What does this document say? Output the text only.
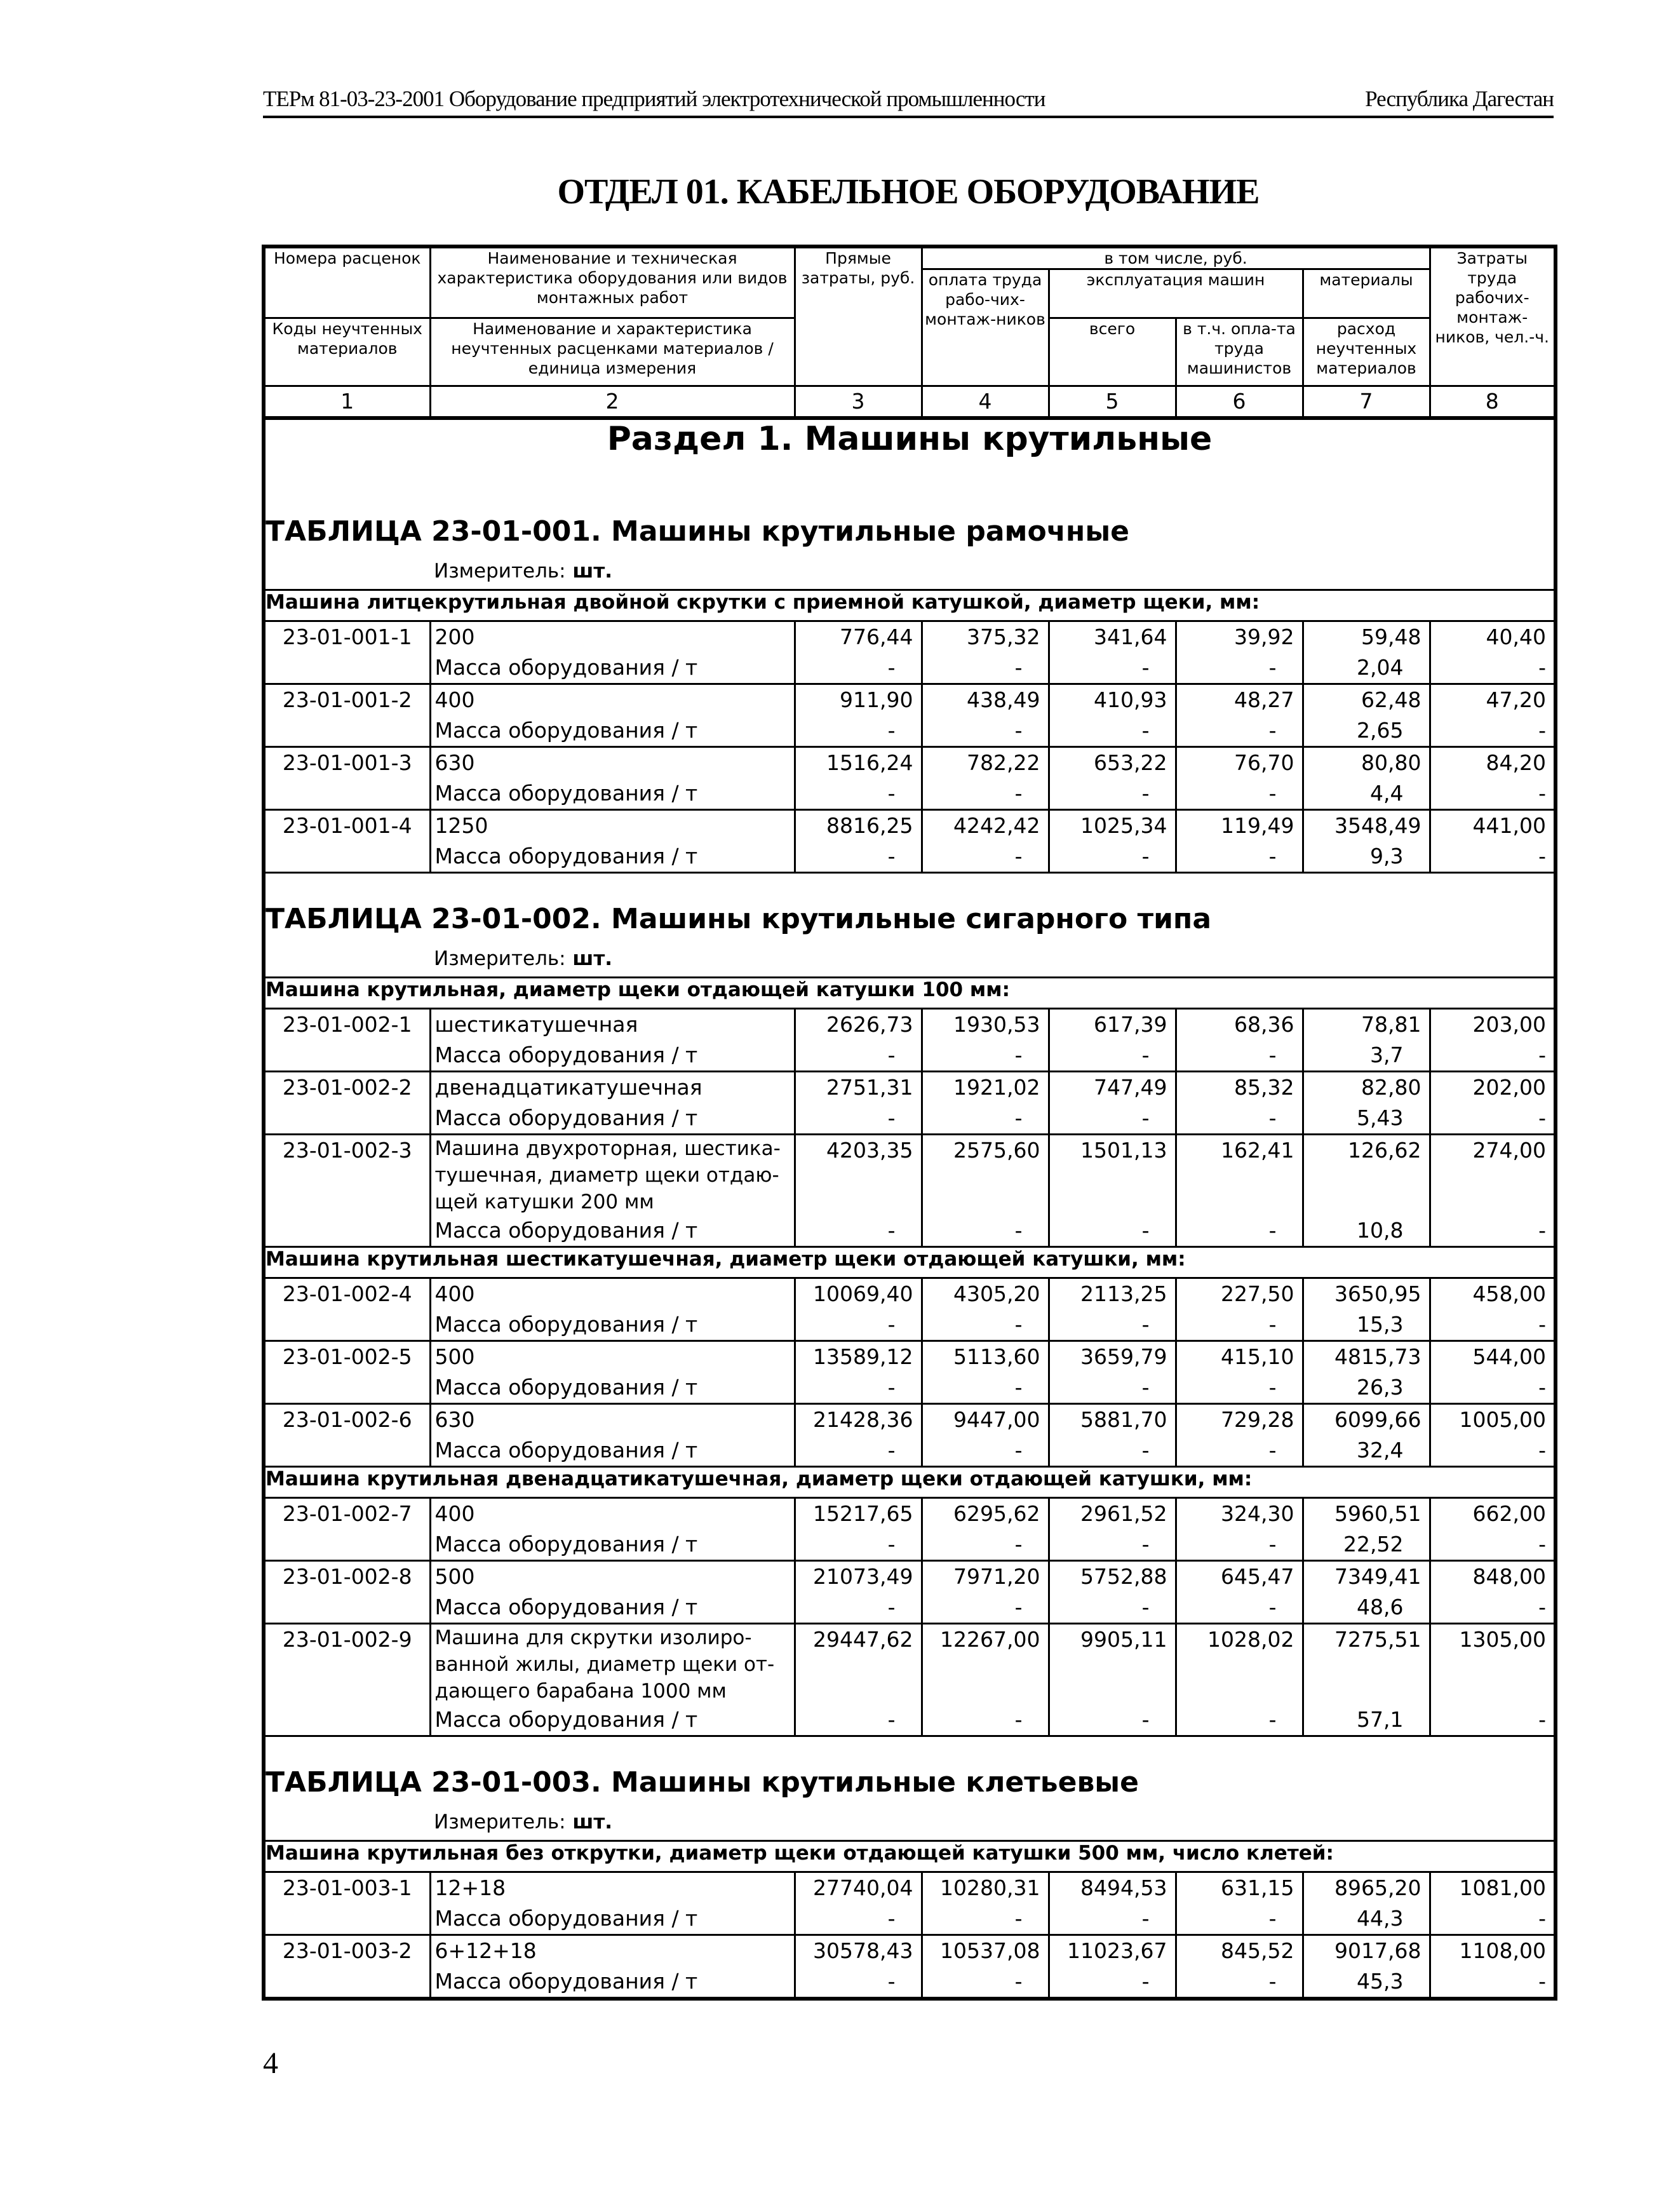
ТЕРм 81-03-23-2001 Оборудование предприятий электротехнической промышленности	Республика Дагестан
ОТДЕЛ 01. КАБЕЛЬНОЕ ОБОРУДОВАНИЕ
Номера расценок	Наименование и техническая характеристика оборудования или видов монтажных работ	Прямые затраты, руб.	в том числе, руб.				Затраты труда рабочих-монтаж-ников, чел.-ч.
			оплата труда рабо-чих-монтаж-ников	эксплуатация машин		материалы	
Коды неучтенных материалов	Наименование и характеристика неучтенных расценками материалов / единица измерения			всего	в т.ч. опла-та труда машинистов	расход неучтенных материалов	

1	2	3	4	5	6	7	8
Раздел 1. Машины крутильные							
ТАБЛИЦА 23-01-001. Машины крутильные рамочные							
Измеритель: шт.							
Машина литцекрутильная двойной скрутки с приемной катушкой, диаметр щеки, мм:							
23-01-001-1	200	776,44	375,32	341,64	39,92	59,48	40,40
	Масса оборудования / т	-	-	-	-	2,04	-
23-01-001-2	400	911,90	438,49	410,93	48,27	62,48	47,20
	Масса оборудования / т	-	-	-	-	2,65	-
23-01-001-3	630	1516,24	782,22	653,22	76,70	80,80	84,20
	Масса оборудования / т	-	-	-	-	4,4	-
23-01-001-4	1250	8816,25	4242,42	1025,34	119,49	3548,49	441,00
	Масса оборудования / т	-	-	-	-	9,3	-

ТАБЛИЦА 23-01-002. Машины крутильные сигарного типа							
Измеритель: шт.							
Машина крутильная, диаметр щеки отдающей катушки 100 мм:							
23-01-002-1	шестикатушечная	2626,73	1930,53	617,39	68,36	78,81	203,00
	Масса оборудования / т	-	-	-	-	3,7	-
23-01-002-2	двенадцатикатушечная	2751,31	1921,02	747,49	85,32	82,80	202,00
	Масса оборудования / т	-	-	-	-	5,43	-
23-01-002-3	Машина двухроторная, шестика-тушечная, диаметр щеки отдаю-щей катушки 200 мм	4203,35	2575,60	1501,13	162,41	126,62	274,00
	Масса оборудования / т	-	-	-	-	10,8	-
Машина крутильная шестикатушечная, диаметр щеки отдающей катушки, мм:							
23-01-002-4	400	10069,40	4305,20	2113,25	227,50	3650,95	458,00
	Масса оборудования / т	-	-	-	-	15,3	-
23-01-002-5	500	13589,12	5113,60	3659,79	415,10	4815,73	544,00
	Масса оборудования / т	-	-	-	-	26,3	-
23-01-002-6	630	21428,36	9447,00	5881,70	729,28	6099,66	1005,00
	Масса оборудования / т	-	-	-	-	32,4	-
Машина крутильная двенадцатикатушечная, диаметр щеки отдающей катушки, мм:							
23-01-002-7	400	15217,65	6295,62	2961,52	324,30	5960,51	662,00
	Масса оборудования / т	-	-	-	-	22,52	-
23-01-002-8	500	21073,49	7971,20	5752,88	645,47	7349,41	848,00
	Масса оборудования / т	-	-	-	-	48,6	-
23-01-002-9	Машина для скрутки изолиро-ванной жилы, диаметр щеки от-дающего барабана 1000 мм	29447,62	12267,00	9905,11	1028,02	7275,51	1305,00
	Масса оборудования / т	-	-	-	-	57,1	-

ТАБЛИЦА 23-01-003. Машины крутильные клетьевые							
Измеритель: шт.							
Машина крутильная без открутки, диаметр щеки отдающей катушки 500 мм, число клетей:							
23-01-003-1	12+18	27740,04	10280,31	8494,53	631,15	8965,20	1081,00
	Масса оборудования / т	-	-	-	-	44,3	-
23-01-003-2	6+12+18	30578,43	10537,08	11023,67	845,52	9017,68	1108,00
	Масса оборудования / т	-	-	-	-	45,3	-
4
